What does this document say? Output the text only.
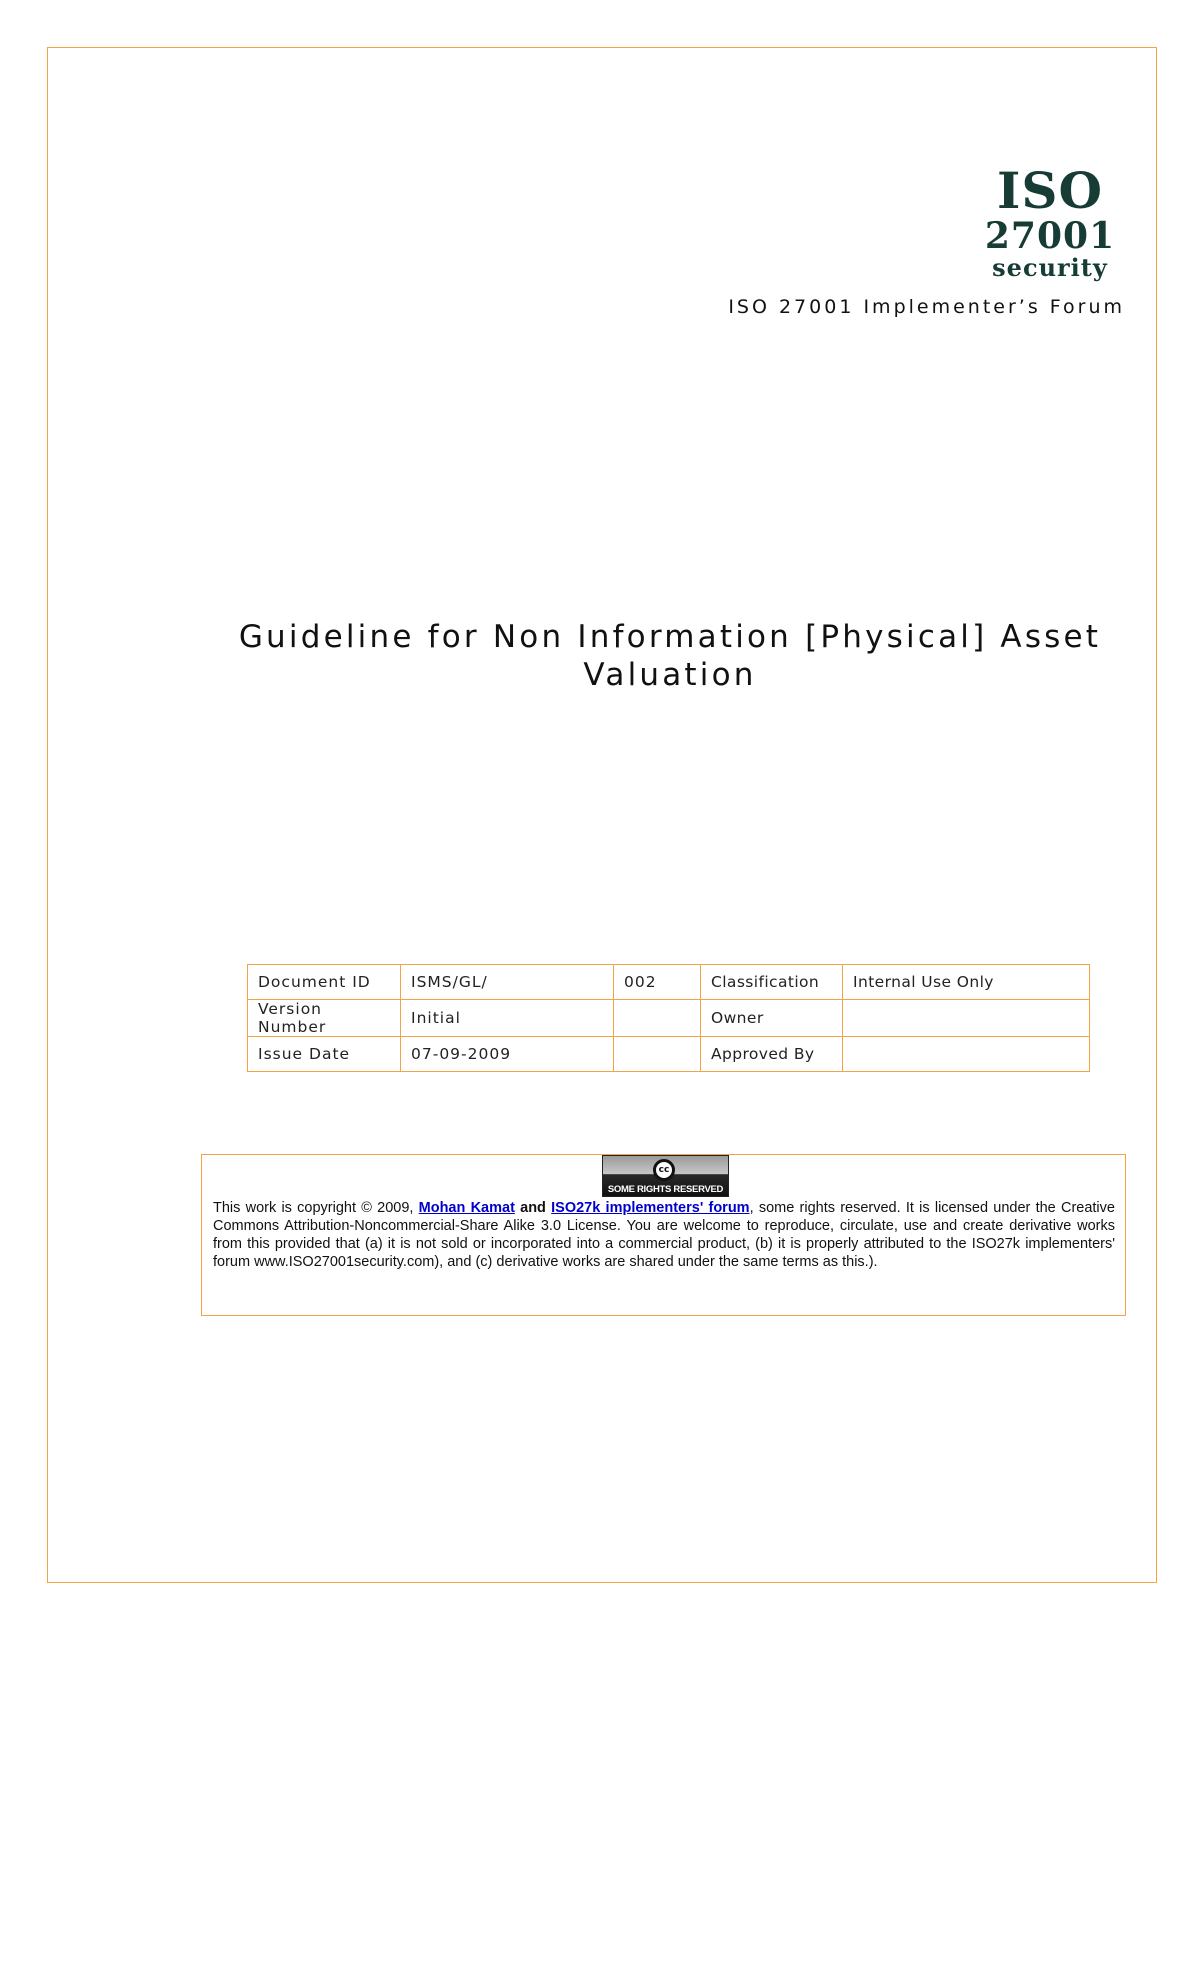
ISO
27001
security
ISO 27001 Implementer’s Forum
Guideline for Non Information [Physical] Asset Valuation
Document ID	ISMS/GL/	002	Classification	Internal Use Only
Version Number	Initial		Owner	
Issue Date	07-09-2009		Approved By	
cc
SOME RIGHTS RESERVED
This work is copyright © 2009, Mohan Kamat and ISO27k implementers' forum, some rights reserved. It is licensed under the Creative Commons Attribution-Noncommercial-Share Alike 3.0 License. You are welcome to reproduce, circulate, use and create derivative works from this provided that (a) it is not sold or incorporated into a commercial product, (b) it is properly attributed to the ISO27k implementers' forum www.ISO27001security.com), and (c) derivative works are shared under the same terms as this.).
